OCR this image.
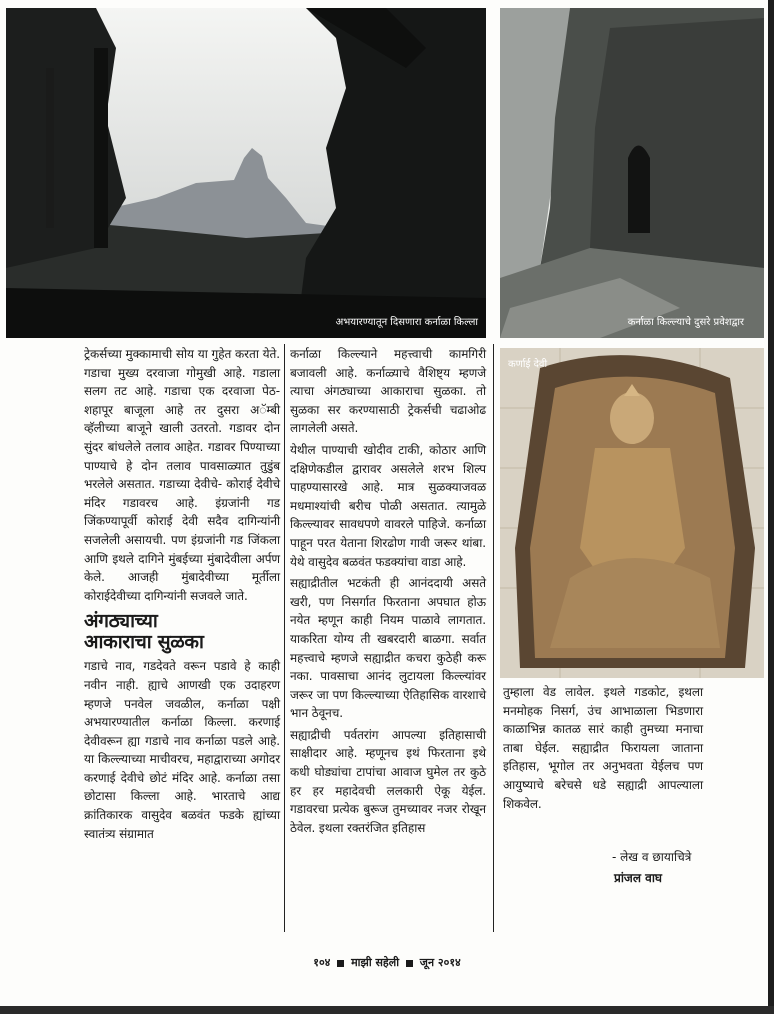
अभयारण्यातून दिसणारा कर्नाळा किल्ला	कर्नाळा किल्ल्याचे दुसरे प्रवेशद्वार
कर्णाई देवी

ट्रेकर्सच्या मुक्कामाची सोय या गुहेत करता येते. गडाचा मुख्य दरवाजा गोमुखी आहे. गडाला सलग तट आहे. गडाचा एक दरवाजा पेठ-शहापूर बाजूला आहे तर दुसरा अॅम्बी व्हॅलीच्या बाजूने खाली उतरतो. गडावर दोन सुंदर बांधलेले तलाव आहेत. गडावर पिण्याच्या पाण्याचे हे दोन तलाव पावसाळ्यात तुडुंब भरलेले असतात. गडाच्या देवीचे- कोराई देवीचे मंदिर गडावरच आहे. इंग्रजांनी गड जिंकण्यापूर्वी कोराई देवी सदैव दागिन्यांनी सजलेली असायची. पण इंग्रजांनी गड जिंकला आणि इथले दागिने मुंबईच्या मुंबादेवीला अर्पण केले. आजही मुंबादेवीच्या मूर्तीला कोराईदेवीच्या दागिन्यांनी सजवले जाते.

अंगठ्याच्या
आकाराचा सुळका

गडाचे नाव, गडदेवते वरून पडावे हे काही नवीन नाही. ह्याचे आणखी एक उदाहरण म्हणजे पनवेल जवळील, कर्नाळा पक्षी अभयारण्यातील कर्नाळा किल्ला. करणाई देवीवरून ह्या गडाचे नाव कर्नाळा पडले आहे. या किल्ल्याच्या माचीवरच, महाद्वाराच्या अगोदर करणाई देवीचे छोटं मंदिर आहे. कर्नाळा तसा छोटासा किल्ला आहे. भारताचे आद्य क्रांतिकारक वासुदेव बळवंत फडके ह्यांच्या स्वातंत्र्य संग्रामात

कर्नाळा किल्ल्याने महत्त्वाची कामगिरी बजावली आहे. कर्नाळ्याचे वैशिष्ट्य म्हणजे त्याचा अंगठ्याच्या आकाराचा सुळका. तो सुळका सर करण्यासाठी ट्रेकर्सची चढाओढ लागलेली असते.

येथील पाण्याची खोदीव टाकी, कोठार आणि दक्षिणेकडील द्वारावर असलेले शरभ शिल्प पाहण्यासारखे आहे. मात्र सुळक्याजवळ मधमाश्यांची बरीच पोळी असतात. त्यामुळे किल्ल्यावर सावधपणे वावरले पाहिजे. कर्नाळा पाहून परत येताना शिरढोण गावी जरूर थांबा. येथे वासुदेव बळवंत फडक्यांचा वाडा आहे.

सह्याद्रीतील भटकंती ही आनंददायी असते खरी, पण निसर्गात फिरताना अपघात होऊ नयेत म्हणून काही नियम पाळावे लागतात. याकरिता योग्य ती खबरदारी बाळगा. सर्वात महत्त्वाचे म्हणजे सह्याद्रीत कचरा कुठेही करू नका. पावसाचा आनंद लुटायला किल्ल्यांवर जरूर जा पण किल्ल्याच्या ऐतिहासिक वारशाचे भान ठेवूनच.

सह्याद्रीची पर्वतरांग आपल्या इतिहासाची साक्षीदार आहे. म्हणूनच इथं फिरताना इथे कधी घोड्यांचा टापांचा आवाज घुमेल तर कुठे हर हर महादेवची ललकारी ऐकू येईल. गडावरचा प्रत्येक बुरूज तुमच्यावर नजर रोखून ठेवेल. इथला रक्तरंजित इतिहास

तुम्हाला वेड लावेल. इथले गडकोट, इथला मनमोहक निसर्ग, उंच आभाळाला भिडणारा काळाभिन्न कातळ सारं काही तुमच्या मनाचा ताबा घेईल. सह्याद्रीत फिरायला जाताना इतिहास, भूगोल तर अनुभवता येईलच पण आयुष्याचे बरेचसे धडे सह्याद्री आपल्याला शिकवेल.

- लेख व छायाचित्रे
प्रांजल वाघ
१०४ माझी सहेली जून २०१४
